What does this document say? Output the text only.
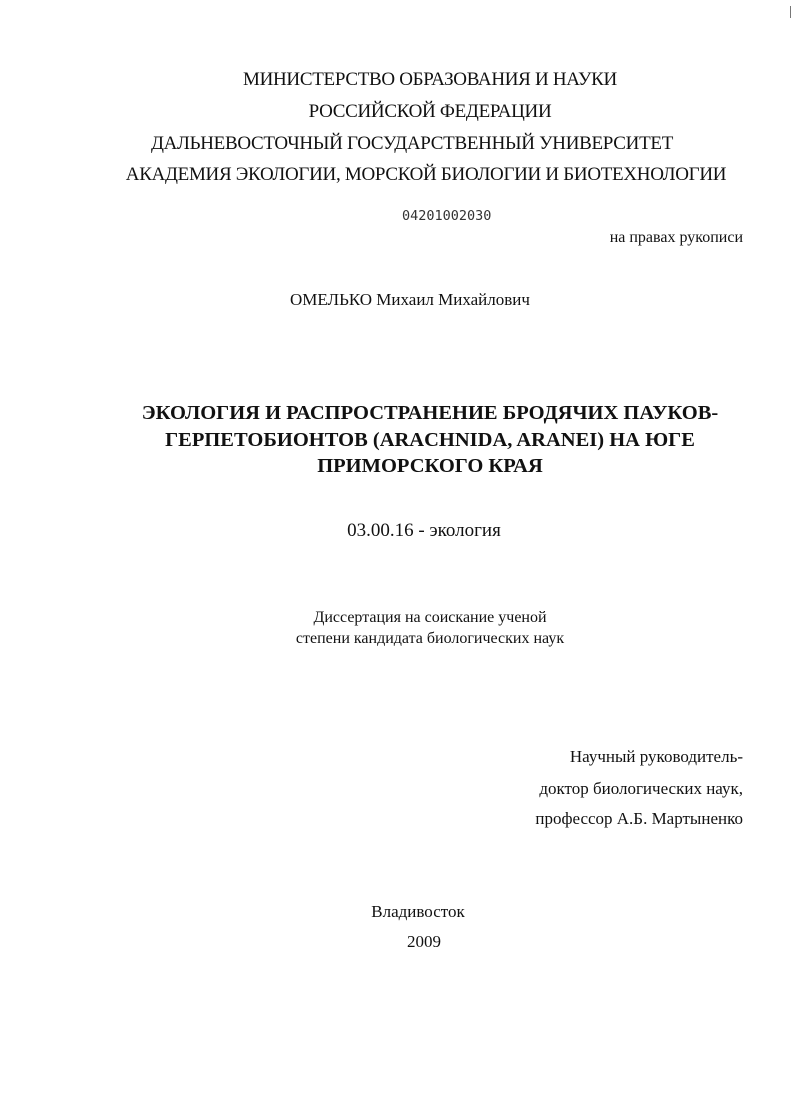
МИНИСТЕРСТВО ОБРАЗОВАНИЯ И НАУКИ
РОССИЙСКОЙ ФЕДЕРАЦИИ
ДАЛЬНЕВОСТОЧНЫЙ ГОСУДАРСТВЕННЫЙ УНИВЕРСИТЕТ
АКАДЕМИЯ ЭКОЛОГИИ, МОРСКОЙ БИОЛОГИИ И БИОТЕХНОЛОГИИ
04201002030
на правах рукописи
ОМЕЛЬКО Михаил Михайлович
ЭКОЛОГИЯ И РАСПРОСТРАНЕНИЕ БРОДЯЧИХ ПАУКОВ-
ГЕРПЕТОБИОНТОВ (ARACHNIDA, ARANEI) НА ЮГЕ
ПРИМОРСКОГО КРАЯ
03.00.16 - экология
Диссертация на соискание ученой
степени кандидата биологических наук
Научный руководитель-
доктор биологических наук,
профессор А.Б. Мартыненко
Владивосток
2009
